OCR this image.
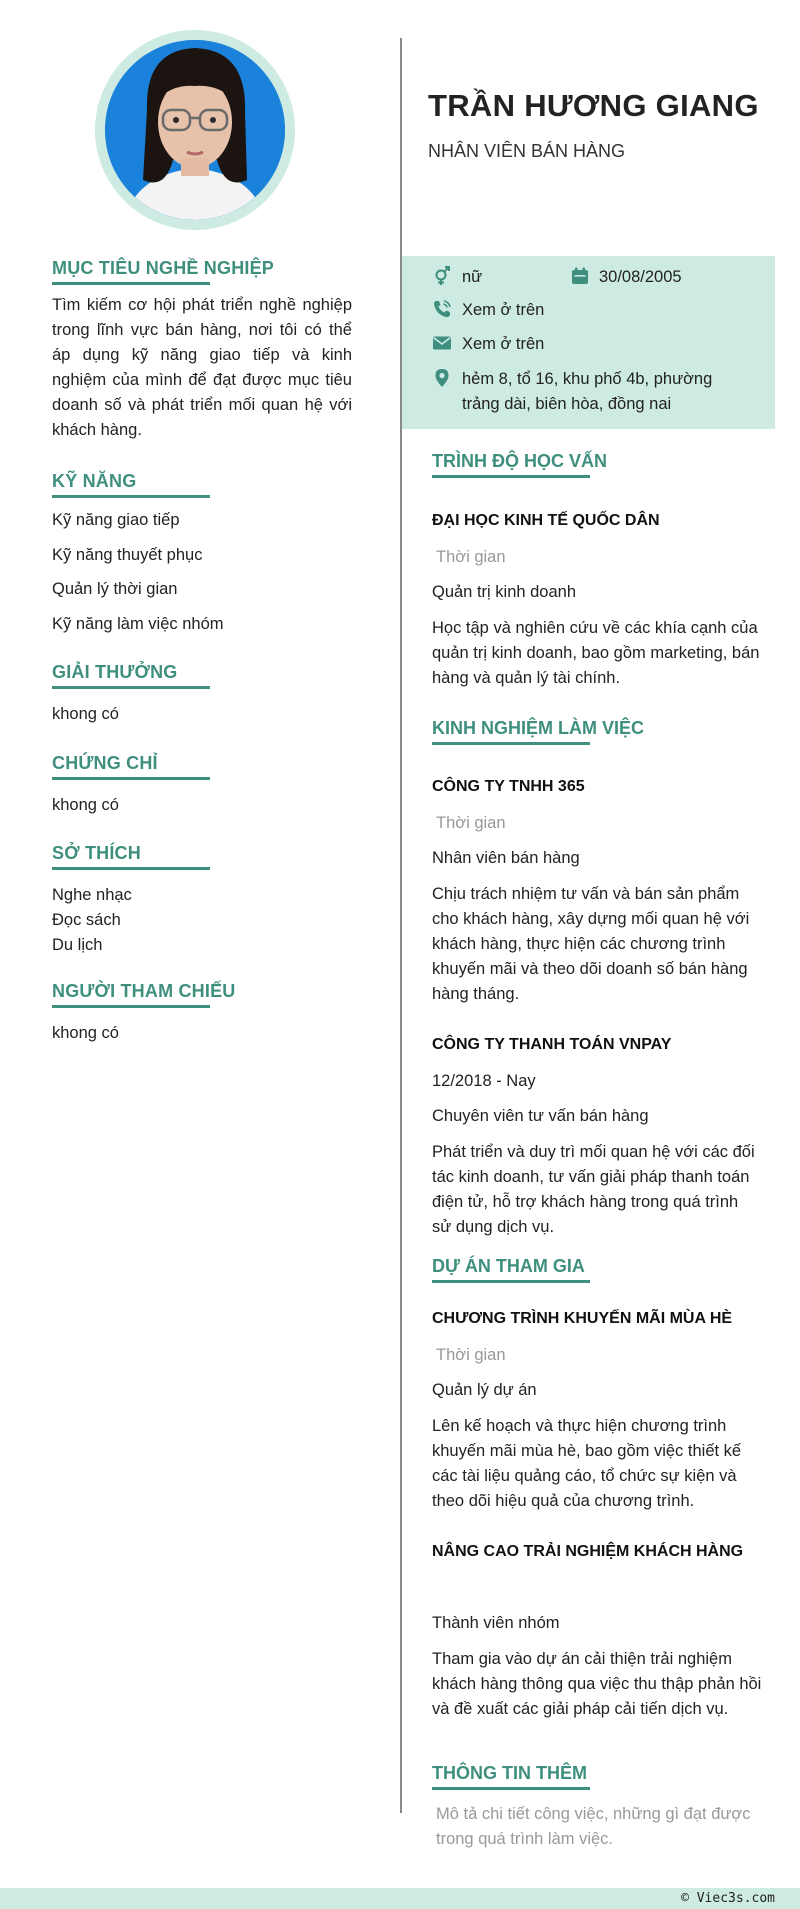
MỤC TIÊU NGHỀ NGHIỆP
Tìm kiếm cơ hội phát triển nghề nghiệp trong lĩnh vực bán hàng, nơi tôi có thể áp dụng kỹ năng giao tiếp và kinh nghiệm của mình để đạt được mục tiêu doanh số và phát triển mối quan hệ với khách hàng.
KỸ NĂNG
Kỹ năng giao tiếp
Kỹ năng thuyết phục
Quản lý thời gian
Kỹ năng làm việc nhóm
GIẢI THƯỞNG
khong có
CHỨNG CHỈ
khong có
SỞ THÍCH
Nghe nhạc
Đọc sách
Du lịch
NGƯỜI THAM CHIẾU
khong có
TRẦN HƯƠNG GIANG
NHÂN VIÊN BÁN HÀNG
nữ	30/08/2005
Xem ở trên
Xem ở trên
hẻm 8, tổ 16, khu phố 4b, phường
trảng dài, biên hòa, đồng nai
TRÌNH ĐỘ HỌC VẤN
ĐẠI HỌC KINH TẾ QUỐC DÂN
Thời gian
Quản trị kinh doanh
Học tập và nghiên cứu về các khía cạnh của quản trị kinh doanh, bao gồm marketing, bán hàng và quản lý tài chính.
KINH NGHIỆM LÀM VIỆC
CÔNG TY TNHH 365
Thời gian
Nhân viên bán hàng
Chịu trách nhiệm tư vấn và bán sản phẩm cho khách hàng, xây dựng mối quan hệ với khách hàng, thực hiện các chương trình khuyến mãi và theo dõi doanh số bán hàng hàng tháng.
CÔNG TY THANH TOÁN VNPAY
12/2018 - Nay
Chuyên viên tư vấn bán hàng
Phát triển và duy trì mối quan hệ với các đối tác kinh doanh, tư vấn giải pháp thanh toán điện tử, hỗ trợ khách hàng trong quá trình sử dụng dịch vụ.
DỰ ÁN THAM GIA
CHƯƠNG TRÌNH KHUYẾN MÃI MÙA HÈ
Thời gian
Quản lý dự án
Lên kế hoạch và thực hiện chương trình khuyến mãi mùa hè, bao gồm việc thiết kế các tài liệu quảng cáo, tổ chức sự kiện và theo dõi hiệu quả của chương trình.
NÂNG CAO TRẢI NGHIỆM KHÁCH HÀNG
Thành viên nhóm
Tham gia vào dự án cải thiện trải nghiệm khách hàng thông qua việc thu thập phản hồi và đề xuất các giải pháp cải tiến dịch vụ.
THÔNG TIN THÊM
Mô tả chi tiết công việc, những gì đạt được trong quá trình làm việc.
© Viec3s.com
